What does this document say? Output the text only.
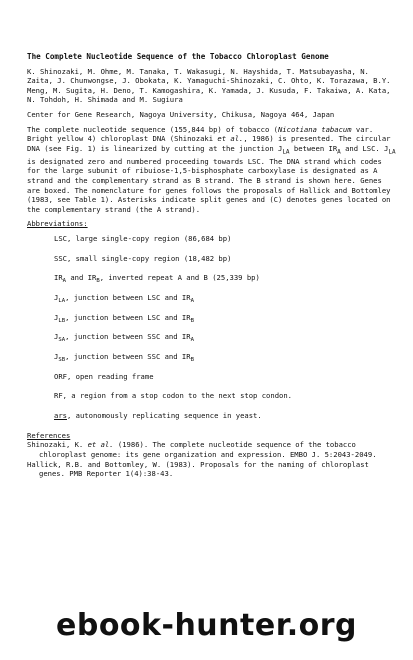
The Complete Nucleotide Sequence of the Tobacco Chloroplast Genome

K. Shinozaki, M. Ohme, M. Tanaka, T. Wakasugi, N. Hayshida, T. Matsubayasha, N. Zaita, J. Chunwongse, J. Obokata, K. Yamaguchi-Shinozaki, C. Ohto, K. Torazawa, B.Y. Meng, M. Sugita, H. Deno, T. Kamogashira, K. Yamada, J. Kusuda, F. Takaiwa, A. Kata, N. Tohdoh, H. Shimada and M. Sugiura

Center for Gene Research, Nagoya University, Chikusa, Nagoya 464, Japan

The complete nucleotide sequence (155,844 bp) of tobacco (Nicotiana tabacum var. Bright yellow 4) chloroplast DNA (Shinozaki et al., 1986) is presented. The circular DNA (see Fig. 1) is linearized by cutting at the junction $J_{LA}$ between $IR_A$ and LSC. $J_{LA}$ is designated zero and numbered proceeding towards LSC. The DNA strand which codes for the large subunit of ribuiose-1,5-bisphosphate carboxylase is designated as A strand and the complementary strand as B strand. The B strand is shown here. Genes are boxed. The nomenclature for genes follows the proposals of Hallick and Bottomley (1983, see Table 1). Asterisks indicate split genes and (C) denotes genes located on the complementary strand (the A strand).

Abbreviations:

LSC, large single-copy region (86,684 bp)
SSC, small single-copy region (18,482 bp)
$IR_A$ and $IR_B$, inverted repeat A and B (25,339 bp)
$J_{LA}$, junction between LSC and $IR_A$
$J_{LB}$, junction between LSC and $IR_B$
$J_{SA}$, junction between SSC and $IR_A$
$J_{SB}$, junction between SSC and $IR_B$
ORF, open reading frame
RF, a region from a stop codon to the next stop condon.
ars, autonomously replicating sequence in yeast.

References

Shinozaki, K. et al. (1986). The complete nucleotide sequence of the tobacco chloroplast genome: its gene organization and expression. EMBO J. 5:2043-2049.

Hallick, R.B. and Bottomley, W. (1983). Proposals for the naming of chloroplast genes. PMB Reporter 1(4):38-43.

ebook-hunter.org
